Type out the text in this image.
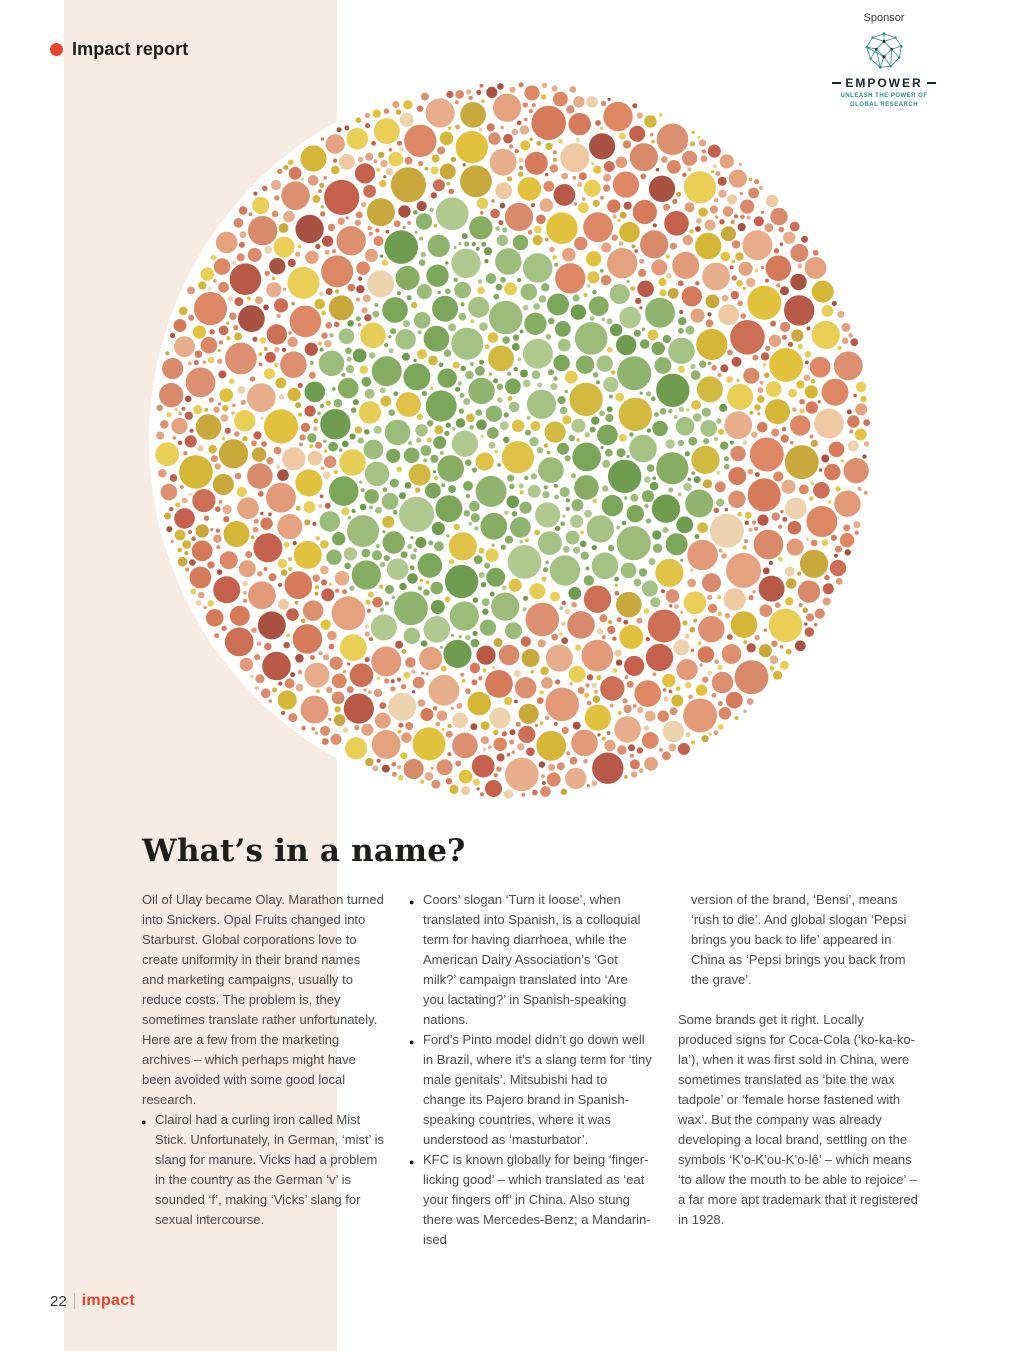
Impact report
Sponsor
EMPOWER
UNLEASH THE POWER OF GLOBAL RESEARCH
What’s in a name?

Oil of Ulay became Olay. Marathon turned into Snickers. Opal Fruits changed into Starburst. Global corporations love to create uniformity in their brand names and marketing campaigns, usually to reduce costs. The problem is, they sometimes translate rather unfortunately. Here are a few from the marketing archives – which perhaps might have been avoided with some good local research.

● Clairol had a curling iron called Mist Stick. Unfortunately, in German, ‘mist’ is slang for manure. Vicks had a problem in the country as the German ‘v’ is sounded ‘f’, making ‘Vicks’ slang for sexual intercourse.

● Coors’ slogan ‘Turn it loose’, when translated into Spanish, is a colloquial term for having diarrhoea, while the American Dairy Association’s ‘Got milk?’ campaign translated into ‘Are you lactating?’ in Spanish-speaking nations.

● Ford’s Pinto model didn’t go down well in Brazil, where it’s a slang term for ‘tiny male genitals’. Mitsubishi had to change its Pajero brand in Spanish-speaking countries, where it was understood as ‘masturbator’.

● KFC is known globally for being ‘finger-licking good’ – which translated as ‘eat your fingers off’ in China. Also stung there was Mercedes-Benz; a Mandarin-ised

version of the brand, ‘Bensi’, means ‘rush to die’. And global slogan ‘Pepsi brings you back to life’ appeared in China as ‘Pepsi brings you back from the grave’.

Some brands get it right. Locally produced signs for Coca-Cola (‘ko-ka-ko-la’), when it was first sold in China, were sometimes translated as ‘bite the wax tadpole’ or ‘female horse fastened with wax’. But the company was already developing a local brand, settling on the symbols ‘K’o-K’ou-K’o-lê’ – which means ‘to allow the mouth to be able to rejoice’ – a far more apt trademark that it registered in 1928.

22 impact
